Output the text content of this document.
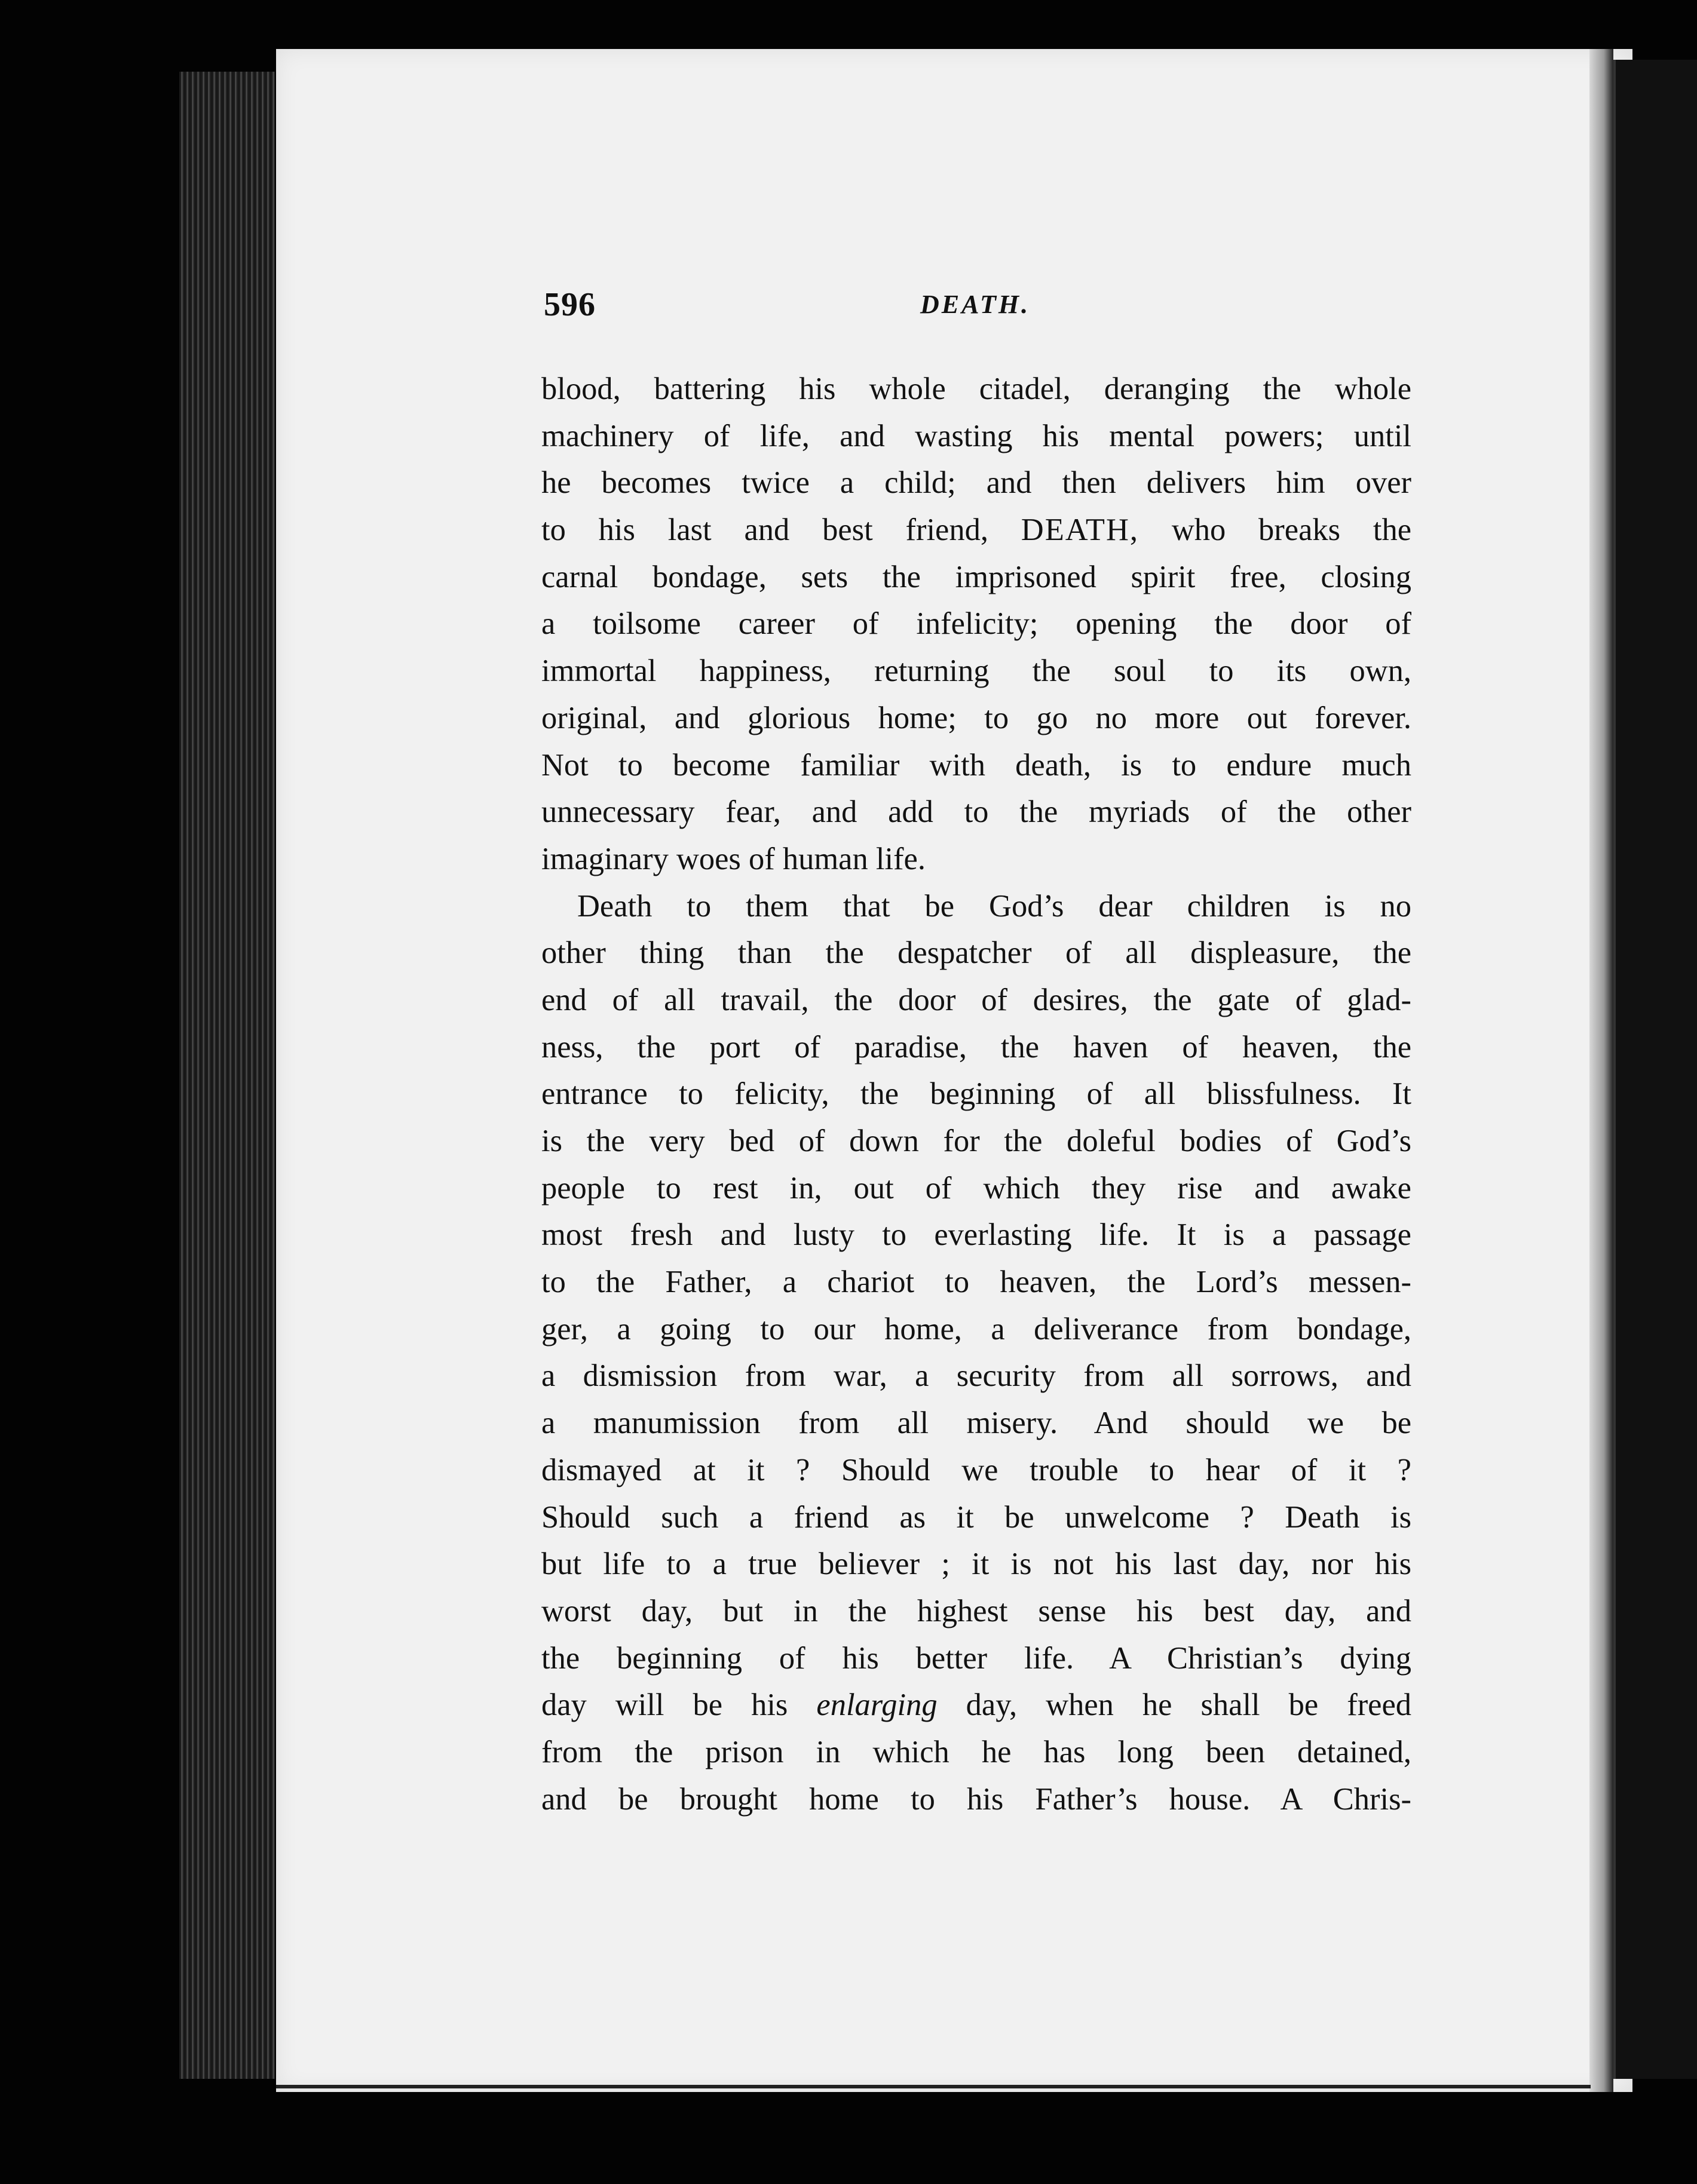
596	DEATH.
blood, battering his whole citadel, deranging the whole
machinery of life, and wasting his mental powers; until
he becomes twice a child; and then delivers him over
to his last and best friend, DEATH, who breaks the
carnal bondage, sets the imprisoned spirit free, closing
a toilsome career of infelicity; opening the door of
immortal happiness, returning the soul to its own,
original, and glorious home; to go no more out forever.
Not to become familiar with death, is to endure much
unnecessary fear, and add to the myriads of the other
imaginary woes of human life.
Death to them that be God’s dear children is no
other thing than the despatcher of all displeasure, the
end of all travail, the door of desires, the gate of glad-
ness, the port of paradise, the haven of heaven, the
entrance to felicity, the beginning of all blissfulness. It
is the very bed of down for the doleful bodies of God’s
people to rest in, out of which they rise and awake
most fresh and lusty to everlasting life. It is a passage
to the Father, a chariot to heaven, the Lord’s messen-
ger, a going to our home, a deliverance from bondage,
a dismission from war, a security from all sorrows, and
a manumission from all misery. And should we be
dismayed at it ? Should we trouble to hear of it ?
Should such a friend as it be unwelcome ? Death is
but life to a true believer ; it is not his last day, nor his
worst day, but in the highest sense his best day, and
the beginning of his better life. A Christian’s dying
day will be his enlarging day, when he shall be freed
from the prison in which he has long been detained,
and be brought home to his Father’s house. A Chris-
